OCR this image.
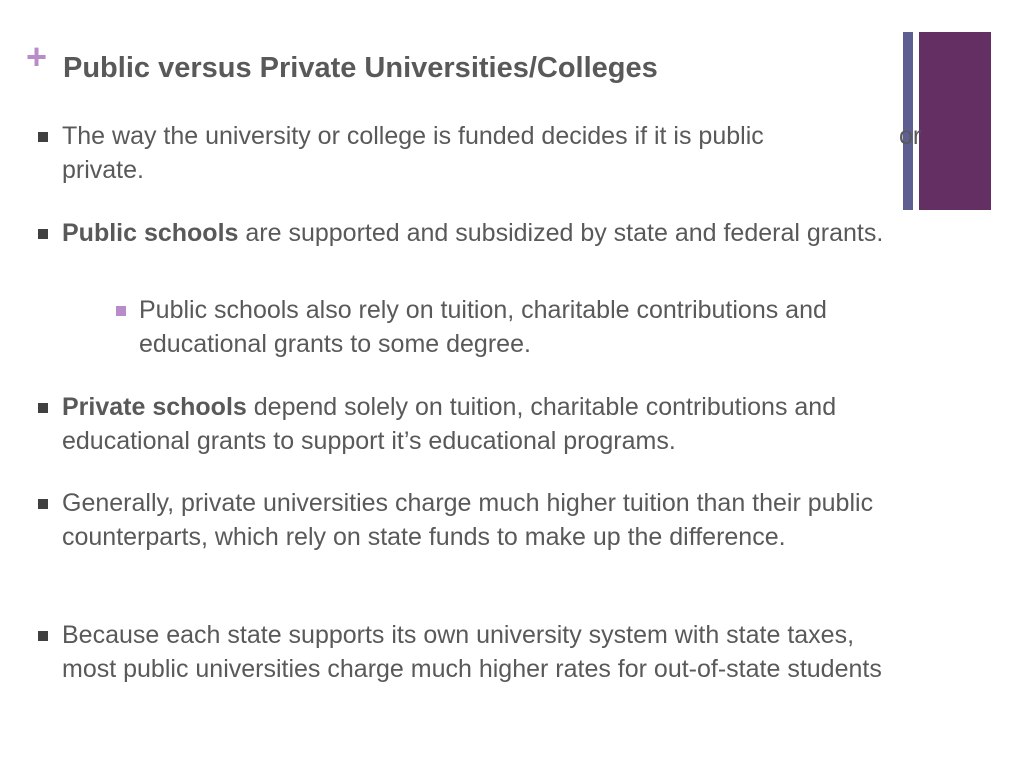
+ Public versus Private Universities/Colleges
The way the university or college is funded decides if it is public
private.
or
Public schools are supported and subsidized by state and federal grants.
Public schools also rely on tuition, charitable contributions and educational grants to some degree.
Private schools depend solely on tuition, charitable contributions and educational grants to support it’s educational programs.
Generally, private universities charge much higher tuition than their public counterparts, which rely on state funds to make up the difference.
Because each state supports its own university system with state taxes, most public universities charge much higher rates for out-of-state students
